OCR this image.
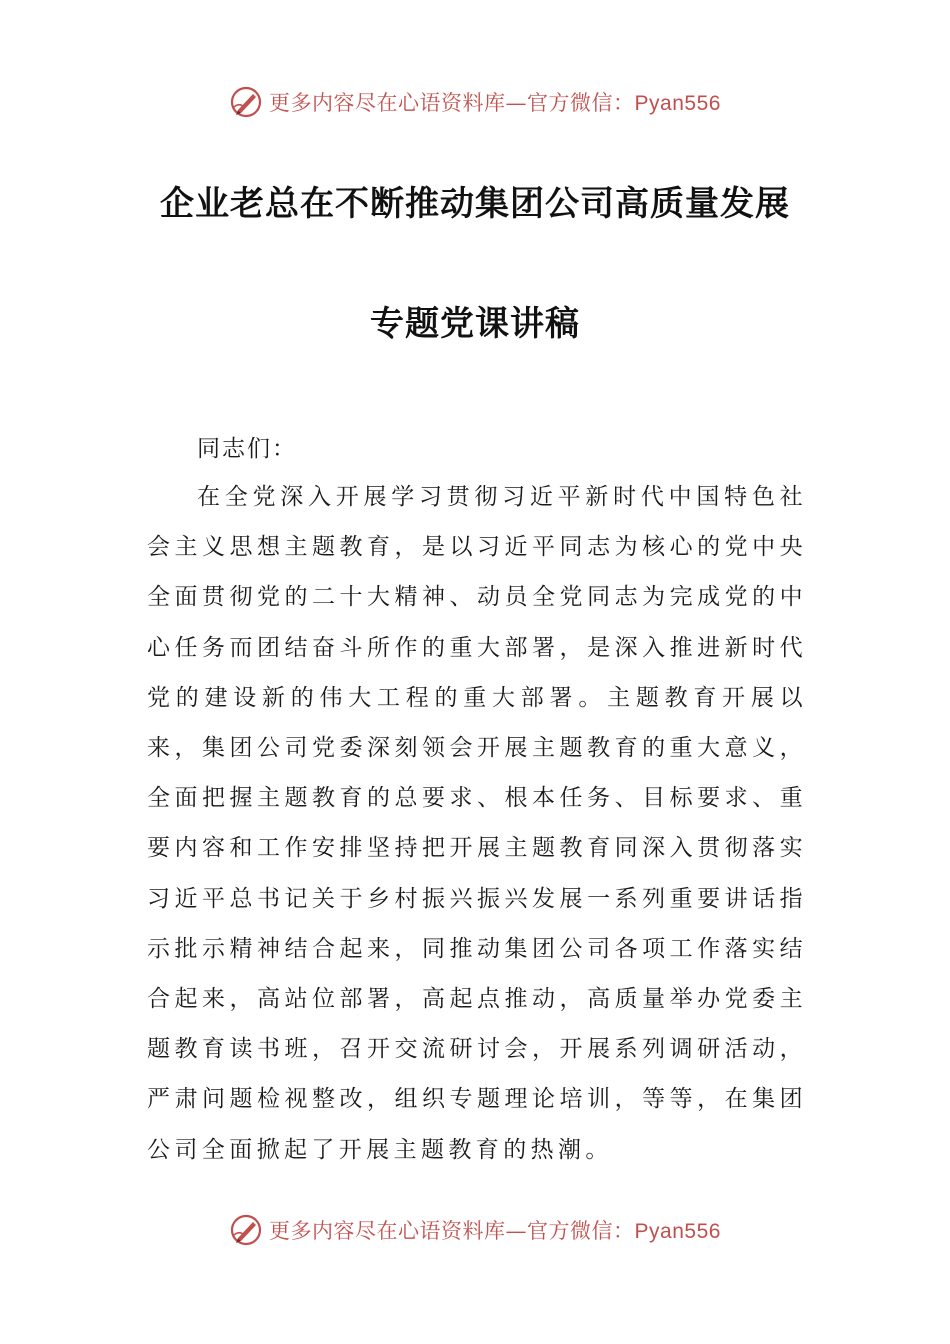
更多内容尽在心语资料库—官方微信：Pyan556
企业老总在不断推动集团公司高质量发展
专题党课讲稿

同志们：

在全党深入开展学习贯彻习近平新时代中国特色社会主义思想主题教育，是以习近平同志为核心的党中央全面贯彻党的二十大精神、动员全党同志为完成党的中心任务而团结奋斗所作的重大部署，是深入推进新时代党的建设新的伟大工程的重大部署。主题教育开展以来，集团公司党委深刻领会开展主题教育的重大意义，全面把握主题教育的总要求、根本任务、目标要求、重要内容和工作安排坚持把开展主题教育同深入贯彻落实习近平总书记关于乡村振兴振兴发展一系列重要讲话指示批示精神结合起来，同推动集团公司各项工作落实结合起来，高站位部署，高起点推动，高质量举办党委主题教育读书班，召开交流研讨会，开展系列调研活动，严肃问题检视整改，组织专题理论培训，等等，在集团公司全面掀起了开展主题教育的热潮。

更多内容尽在心语资料库—官方微信：Pyan556
